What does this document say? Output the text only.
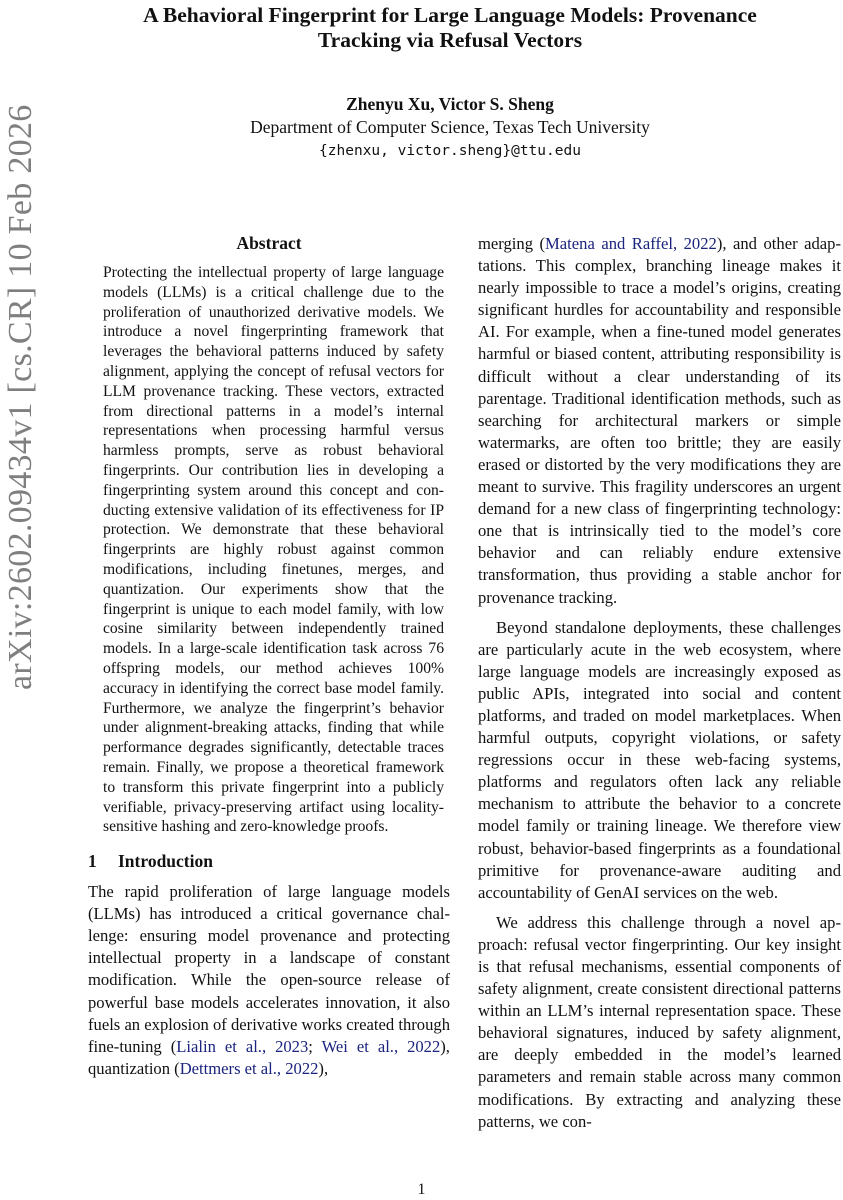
arXiv:2602.09434v1 [cs.CR] 10 Feb 2026
A Behavioral Fingerprint for Large Language Models: Provenance
Tracking via Refusal Vectors
Zhenyu Xu, Victor S. Sheng
Department of Computer Science, Texas Tech University
{zhenxu, victor.sheng}@ttu.edu
Abstract

Protecting the intellectual property of large language models (LLMs) is a critical challenge due to the proliferation of unauthorized derivative models. We introduce a novel fingerprinting framework that leverages the behavioral patterns induced by safety alignment, applying the concept of refusal vectors for LLM provenance tracking. These vectors, extracted from directional patterns in a model’s internal representations when processing harmful versus harmless prompts, serve as robust behavioral fingerprints. Our contribution lies in developing a fingerprinting system around this concept and conducting extensive validation of its effectiveness for IP protection. We demonstrate that these behavioral fingerprints are highly robust against common modifications, including finetunes, merges, and quantization. Our experiments show that the fingerprint is unique to each model family, with low cosine similarity between independently trained models. In a large-scale identification task across 76 offspring models, our method achieves 100% accuracy in identifying the correct base model family. Furthermore, we analyze the fingerprint’s behavior under alignment-breaking attacks, finding that while performance degrades significantly, detectable traces remain. Finally, we propose a theoretical framework to transform this private fingerprint into a publicly verifiable, privacy-preserving artifact using locality-sensitive hashing and zero-knowledge proofs.

1 Introduction

The rapid proliferation of large language models (LLMs) has introduced a critical governance challenge: ensuring model provenance and protecting intellectual property in a landscape of constant modification. While the open-source release of powerful base models accelerates innovation, it also fuels an explosion of derivative works created through fine-tuning (Lialin et al., 2023; Wei et al., 2022), quantization (Dettmers et al., 2022),

merging (Matena and Raffel, 2022), and other adaptations. This complex, branching lineage makes it nearly impossible to trace a model’s origins, creating significant hurdles for accountability and responsible AI. For example, when a fine-tuned model generates harmful or biased content, attributing responsibility is difficult without a clear understanding of its parentage. Traditional identification methods, such as searching for architectural markers or simple watermarks, are often too brittle; they are easily erased or distorted by the very modifications they are meant to survive. This fragility underscores an urgent demand for a new class of fingerprinting technology: one that is intrinsically tied to the model’s core behavior and can reliably endure extensive transformation, thus providing a stable anchor for provenance tracking.

Beyond standalone deployments, these challenges are particularly acute in the web ecosystem, where large language models are increasingly exposed as public APIs, integrated into social and content platforms, and traded on model marketplaces. When harmful outputs, copyright violations, or safety regressions occur in these web-facing systems, platforms and regulators often lack any reliable mechanism to attribute the behavior to a concrete model family or training lineage. We therefore view robust, behavior-based fingerprints as a foundational primitive for provenance-aware auditing and accountability of GenAI services on the web.

We address this challenge through a novel approach: refusal vector fingerprinting. Our key insight is that refusal mechanisms, essential components of safety alignment, create consistent directional patterns within an LLM’s internal representation space. These behavioral signatures, induced by safety alignment, are deeply embedded in the model’s learned parameters and remain stable across many common modifications. By extracting and analyzing these patterns, we con-

1
